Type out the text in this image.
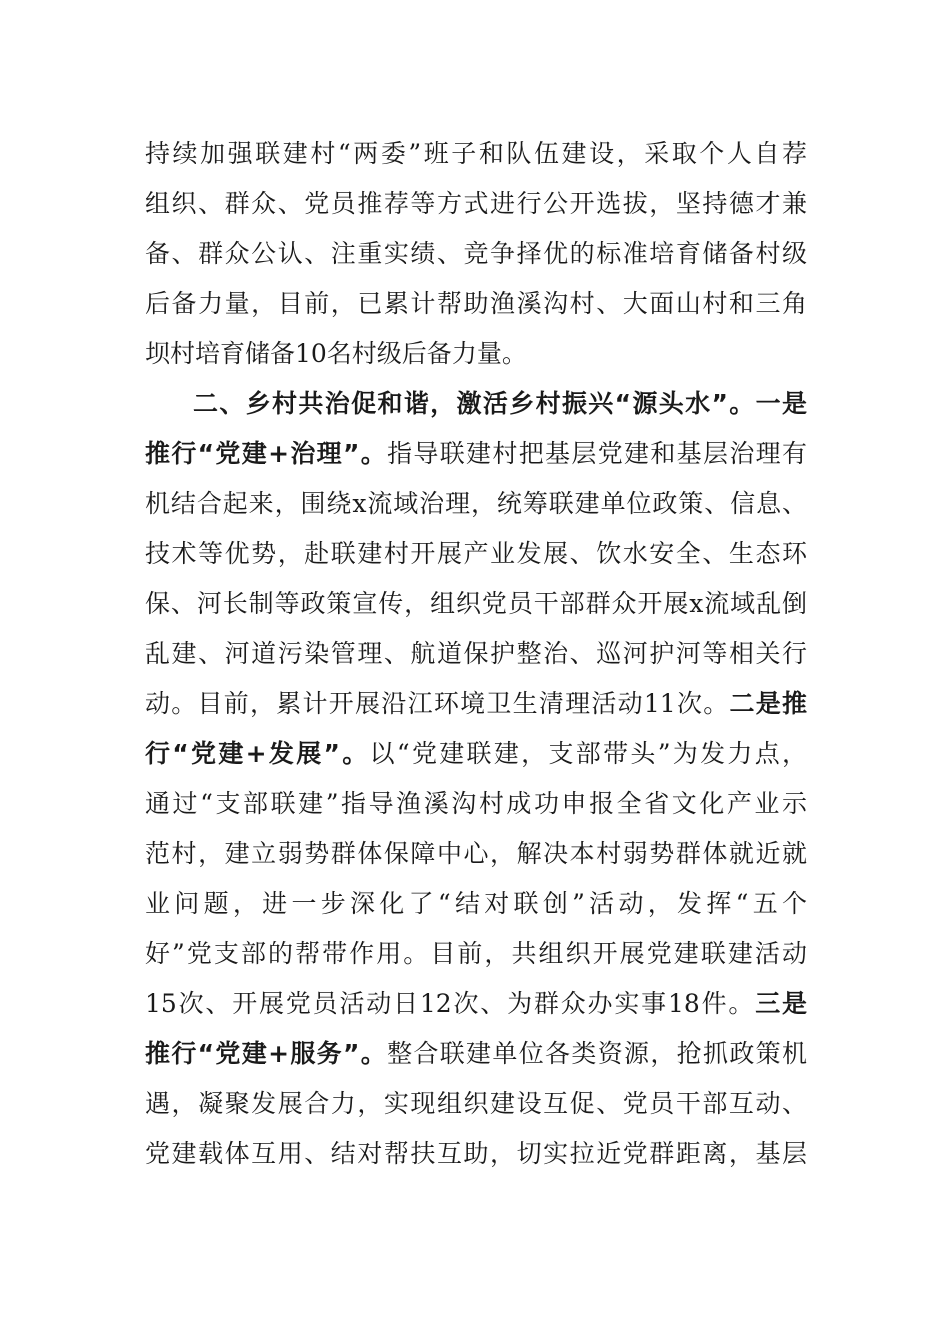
持续加强联建村“两委”班子和队伍建设，采取个人自荐
组织、群众、党员推荐等方式进行公开选拔，坚持德才兼
备、群众公认、注重实绩、竞争择优的标准培育储备村级
后备力量，目前，已累计帮助渔溪沟村、大面山村和三角
坝村培育储备10名村级后备力量。
二、乡村共治促和谐，激活乡村振兴“源头水”。一是
推行“党建+治理”。指导联建村把基层党建和基层治理有
机结合起来，围绕x流域治理，统筹联建单位政策、信息、
技术等优势，赴联建村开展产业发展、饮水安全、生态环
保、河长制等政策宣传，组织党员干部群众开展x流域乱倒
乱建、河道污染管理、航道保护整治、巡河护河等相关行
动。目前，累计开展沿江环境卫生清理活动11次。二是推
行“党建+发展”。以“党建联建，支部带头”为发力点，
通过“支部联建”指导渔溪沟村成功申报全省文化产业示
范村，建立弱势群体保障中心，解决本村弱势群体就近就
业问题，进一步深化了“结对联创”活动，发挥“五个
好”党支部的帮带作用。目前，共组织开展党建联建活动
15次、开展党员活动日12次、为群众办实事18件。三是
推行“党建+服务”。整合联建单位各类资源，抢抓政策机
遇，凝聚发展合力，实现组织建设互促、党员干部互动、
党建载体互用、结对帮扶互助，切实拉近党群距离，基层
